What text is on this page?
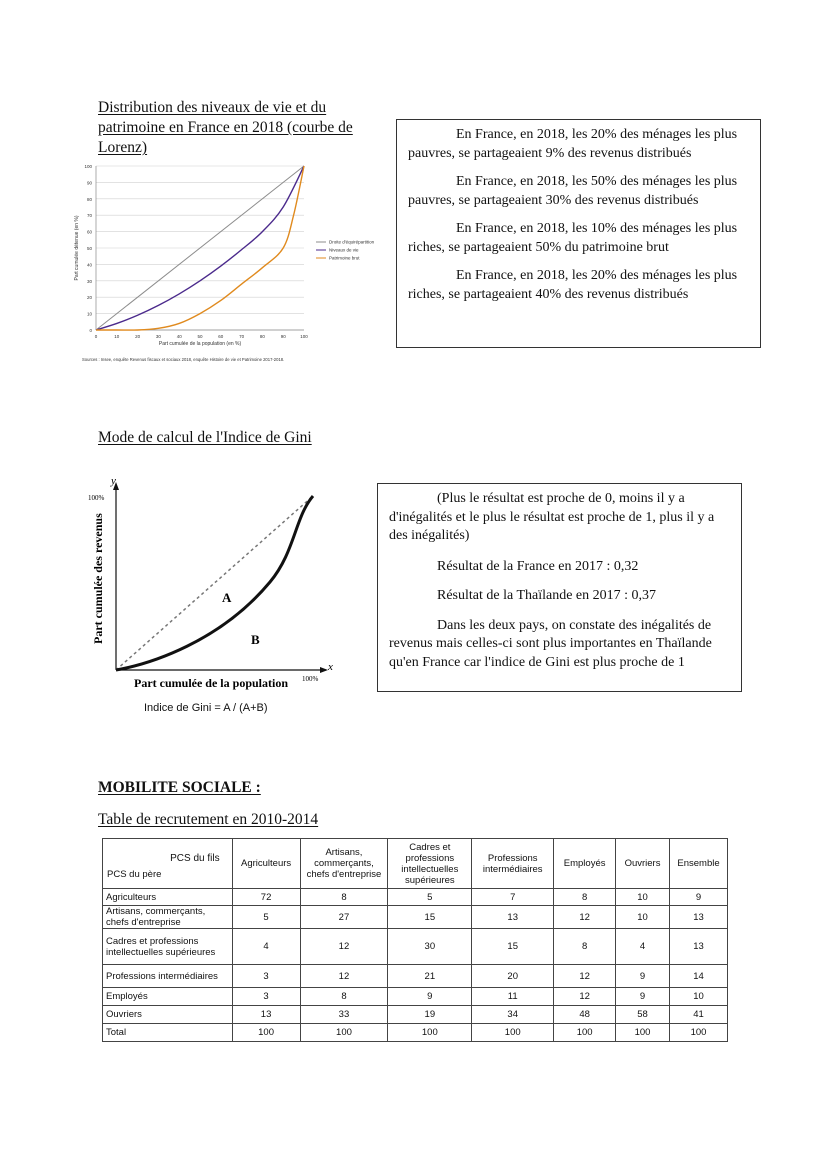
Distribution des niveaux de vie et du patrimoine en France en 2018 (courbe de Lorenz)
0
10
20
30
40
50
60
70
80
90
100
0	10	20	30	40	50	60	70	80	90	100
Droite d'équirépartition
Niveaux de vie
Patrimoine brut
Part cumulée de la population (en %)
Part cumulée détenue (en %)
Sources : Insee, enquête Revenus fiscaux et sociaux 2018, enquête Histoire de vie et Patrimoine 2017-2018.

En France, en 2018, les 20% des ménages les plus pauvres, se partageaient 9% des revenus distribués

En France, en 2018, les 50% des ménages les plus pauvres, se partageaient 30% des revenus distribués

En France, en 2018, les 10% des ménages les plus riches, se partageaient 50% du patrimoine brut

En France, en 2018, les 20% des ménages les plus riches, se partageaient 40% des revenus distribués

Mode de calcul de l'Indice de Gini
y
x
100%
100%
A
B
Part cumulée des revenus
Part cumulée de la population
Indice de Gini = A / (A+B)

(Plus le résultat est proche de 0, moins il y a d'inégalités et le plus le résultat est proche de 1, plus il y a des inégalités)

Résultat de la France en 2017 : 0,32

Résultat de la Thaïlande en 2017 : 0,37

Dans les deux pays, on constate des inégalités de revenus mais celles-ci sont plus importantes en Thaïlande qu'en France car l'indice de Gini est plus proche de 1

MOBILITE SOCIALE :
Table de recrutement en 2010-2014
PCS du fils
PCS du père	Agriculteurs	Artisans, commerçants, chefs d'entreprise	Cadres et professions intellectuelles supérieures	Professions intermédiaires	Employés	Ouvriers	Ensemble
Agriculteurs	72	8	5	7	8	10	9
Artisans, commerçants, chefs d'entreprise	5	27	15	13	12	10	13
Cadres et professions intellectuelles supérieures	4	12	30	15	8	4	13
Professions intermédiaires	3	12	21	20	12	9	14
Employés	3	8	9	11	12	9	10
Ouvriers	13	33	19	34	48	58	41
Total	100	100	100	100	100	100	100
